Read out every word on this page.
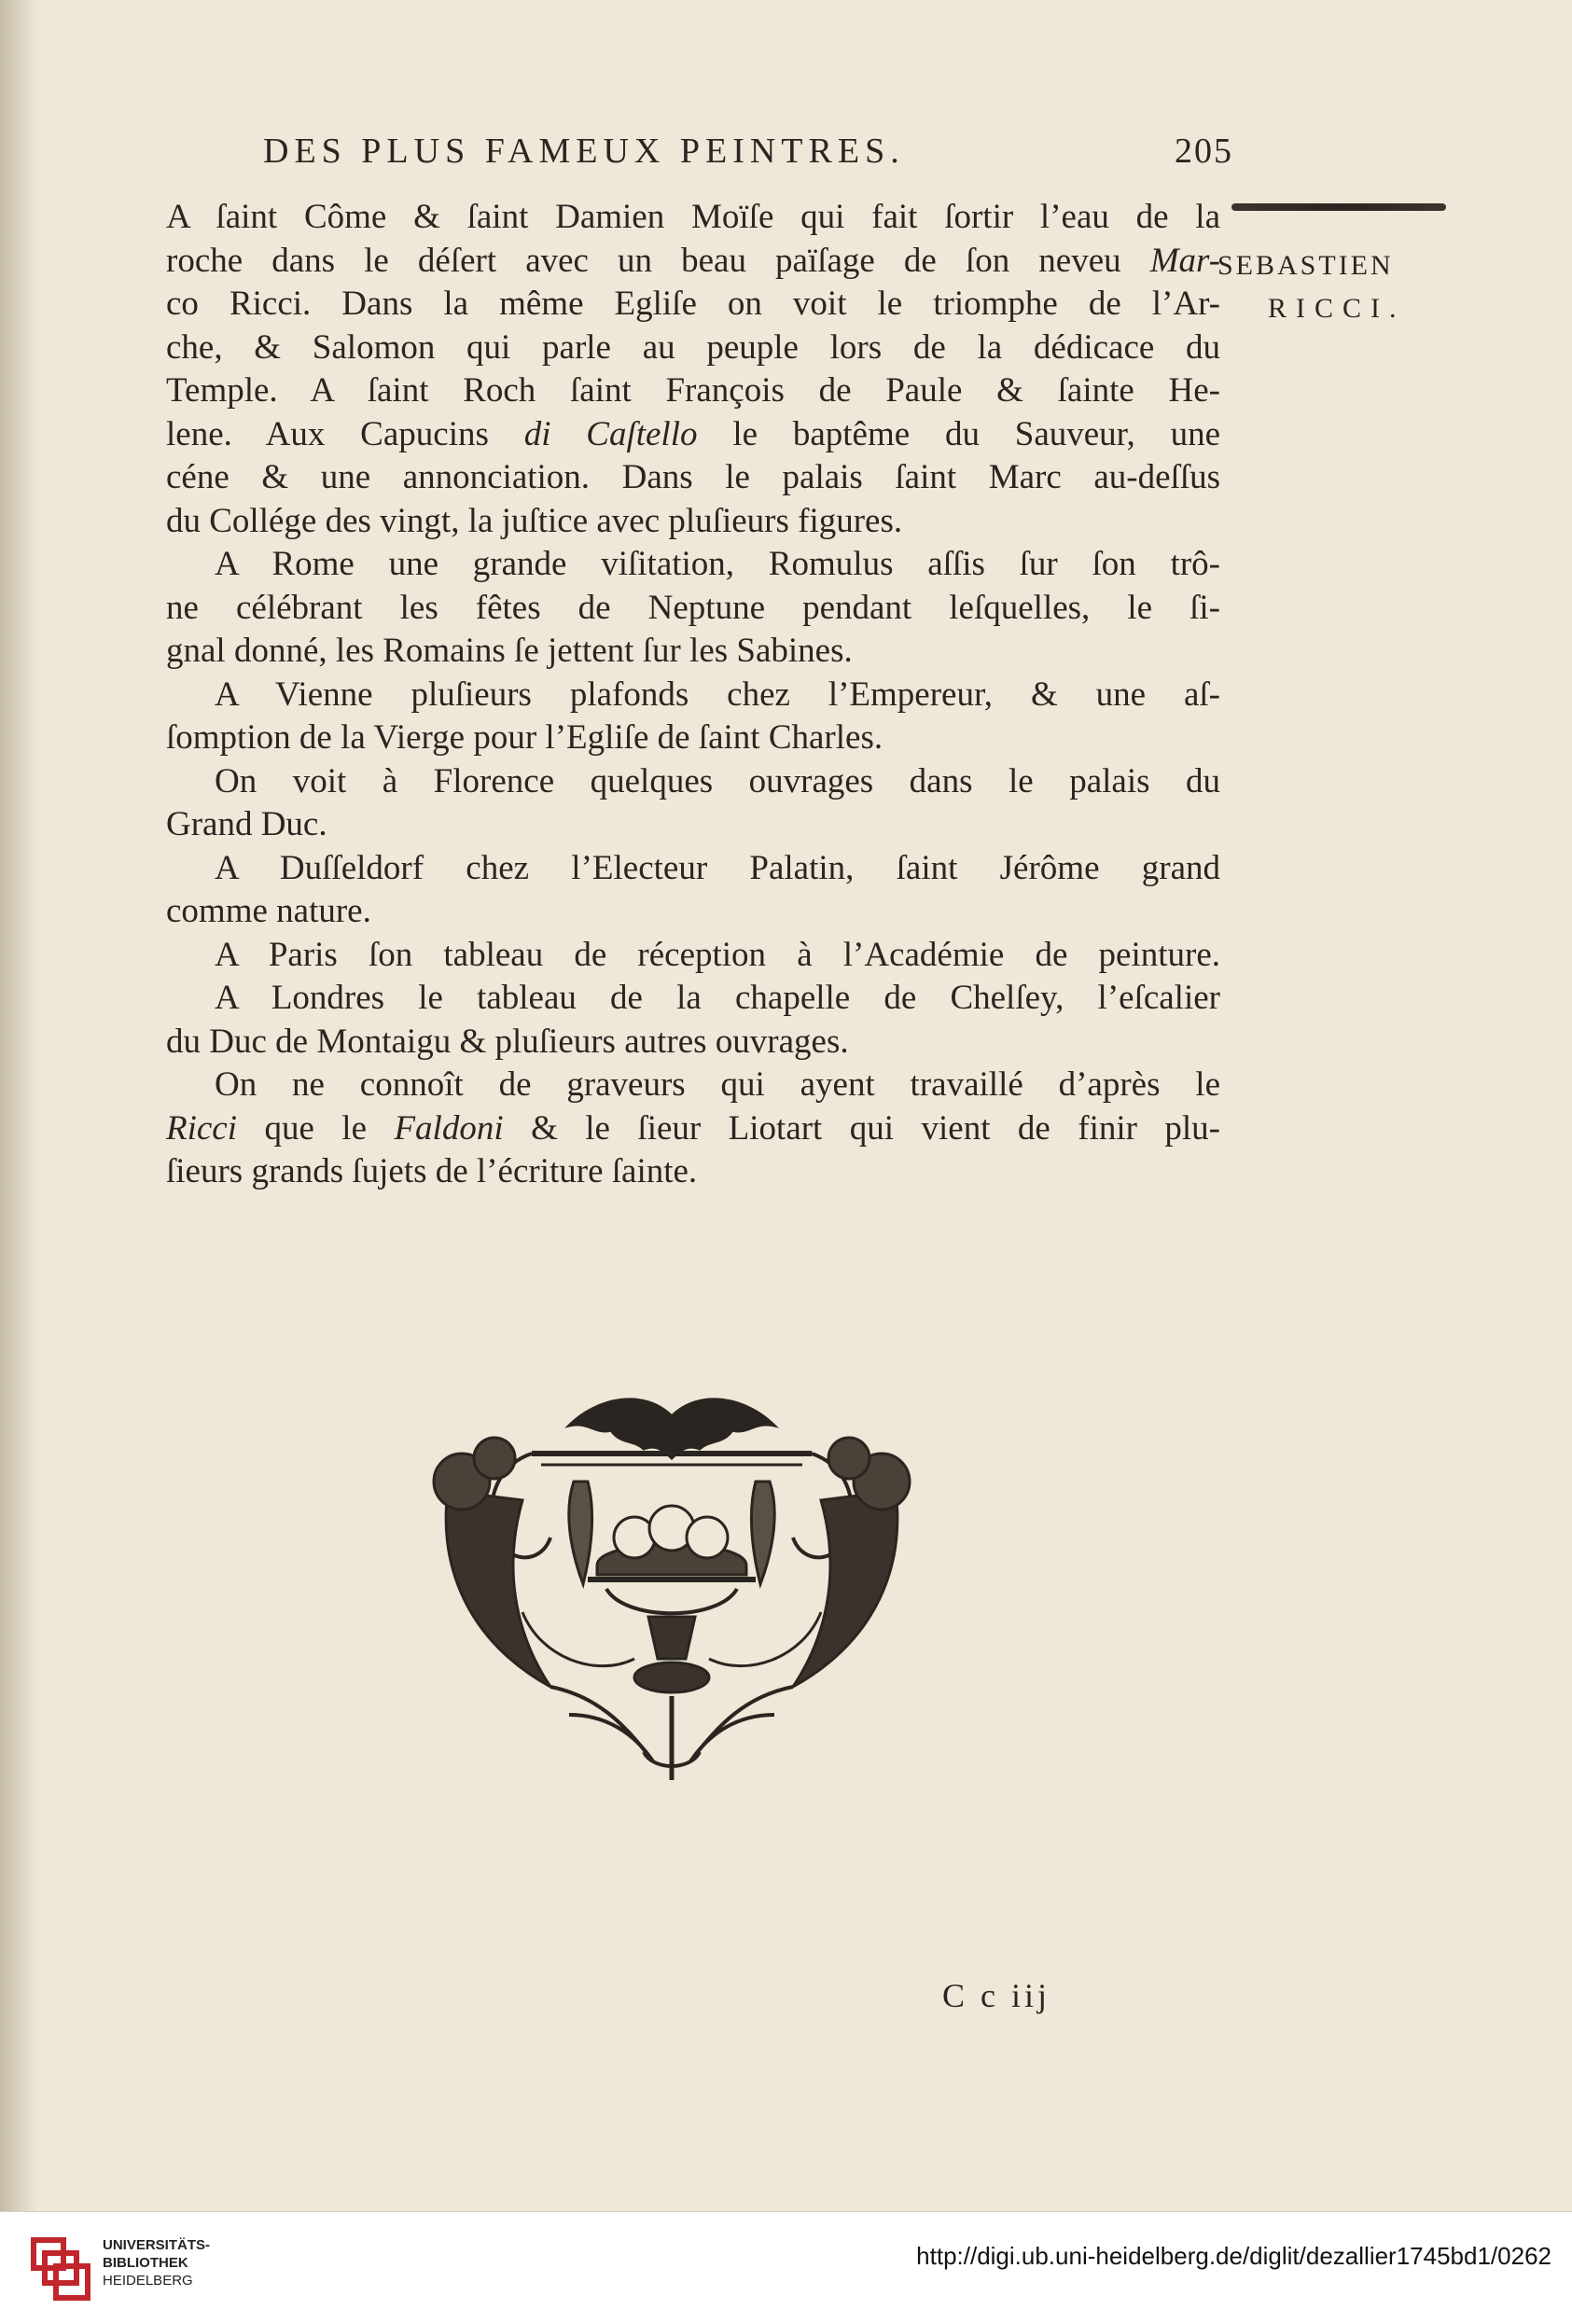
DES PLUS FAMEUX PEINTRES.	205
SEBASTIEN
RICCI.
A ſaint Côme & ſaint Damien Moïſe qui fait ſortir l’eau de la
roche dans le déſert avec un beau païſage de ſon neveu Mar-
co Ricci. Dans la même Egliſe on voit le triomphe de l’Ar-
che, & Salomon qui parle au peuple lors de la dédicace du
Temple. A ſaint Roch ſaint François de Paule & ſainte He-
lene. Aux Capucins di Caſtello le baptême du Sauveur, une
céne & une annonciation. Dans le palais ſaint Marc au-deſſus
du Collége des vingt, la juſtice avec pluſieurs figures.
A Rome une grande viſitation, Romulus aſſis ſur ſon trô-
ne célébrant les fêtes de Neptune pendant leſquelles, le ſi-
gnal donné, les Romains ſe jettent ſur les Sabines.
A Vienne pluſieurs plafonds chez l’Empereur, & une aſ-
ſomption de la Vierge pour l’Egliſe de ſaint Charles.
On voit à Florence quelques ouvrages dans le palais du
Grand Duc.
A Duſſeldorf chez l’Electeur Palatin, ſaint Jérôme grand
comme nature.
A Paris ſon tableau de réception à l’Académie de peinture.
A Londres le tableau de la chapelle de Chelſey, l’eſcalier
du Duc de Montaigu & pluſieurs autres ouvrages.
On ne connoît de graveurs qui ayent travaillé d’après le
Ricci que le Faldoni & le ſieur Liotart qui vient de finir plu-
ſieurs grands ſujets de l’écriture ſainte.
C c iij
UNIVERSITÄTS-
BIBLIOTHEK
HEIDELBERG
http://digi.ub.uni-heidelberg.de/diglit/dezallier1745bd1/0262
